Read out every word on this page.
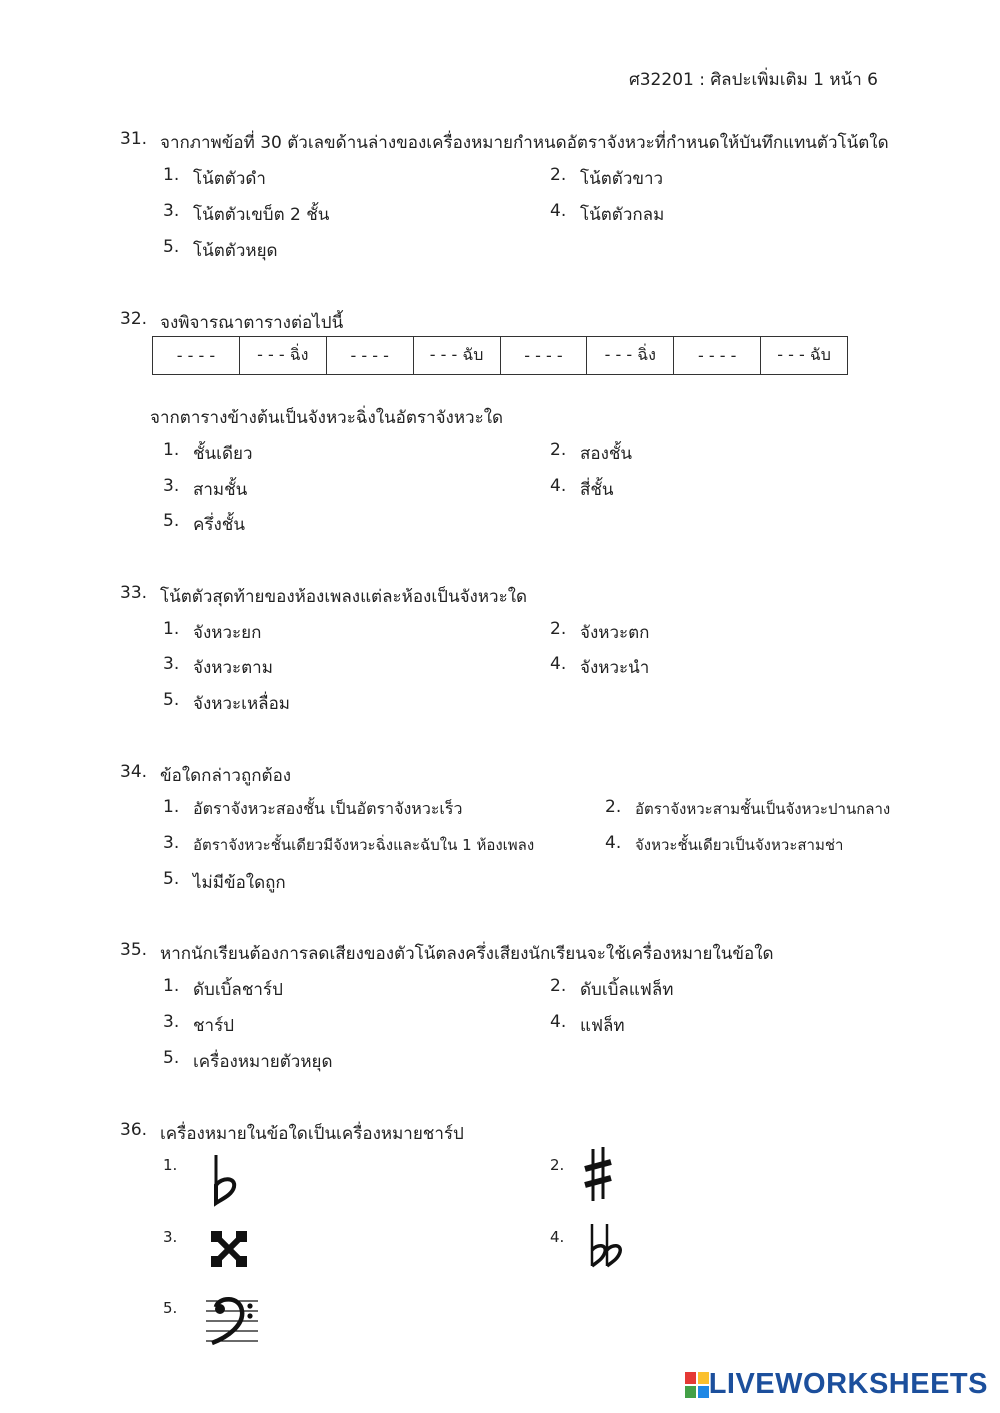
ศ32201 : ศิลปะเพิ่มเติม 1 หน้า 6
31. จากภาพข้อที่ 30 ตัวเลขด้านล่างของเครื่องหมายกำหนดอัตราจังหวะที่กำหนดให้บันทึกแทนตัวโน้ตใด
1. โน้ตตัวดำ	2. โน้ตตัวขาว
3. โน้ตตัวเขบ็ต 2 ชั้น	4. โน้ตตัวกลม
5. โน้ตตัวหยุด
32. จงพิจารณาตารางต่อไปนี้
- - - -	- - - ฉิ่ง	- - - -	- - - ฉับ	- - - -	- - - ฉิ่ง	- - - -	- - - ฉับ
จากตารางข้างต้นเป็นจังหวะฉิ่งในอัตราจังหวะใด
1. ชั้นเดียว	2. สองชั้น
3. สามชั้น	4. สี่ชั้น
5. ครึ่งชั้น
33. โน้ตตัวสุดท้ายของห้องเพลงแต่ละห้องเป็นจังหวะใด
1. จังหวะยก	2. จังหวะตก
3. จังหวะตาม	4. จังหวะนำ
5. จังหวะเหลื่อม
34. ข้อใดกล่าวถูกต้อง
1. อัตราจังหวะสองชั้น เป็นอัตราจังหวะเร็ว	2. อัตราจังหวะสามชั้นเป็นจังหวะปานกลาง
3. อัตราจังหวะชั้นเดียวมีจังหวะฉิ่งและฉับใน 1 ห้องเพลง	4. จังหวะชั้นเดียวเป็นจังหวะสามช่า
5. ไม่มีข้อใดถูก
35. หากนักเรียนต้องการลดเสียงของตัวโน้ตลงครึ่งเสียงนักเรียนจะใช้เครื่องหมายในข้อใด
1. ดับเบิ้ลชาร์ป	2. ดับเบิ้ลแฟล็ท
3. ชาร์ป	4. แฟล็ท
5. เครื่องหมายตัวหยุด
36. เครื่องหมายในข้อใดเป็นเครื่องหมายชาร์ป
1.	2.
3.	4.
5.
LIVEWORKSHEETS
